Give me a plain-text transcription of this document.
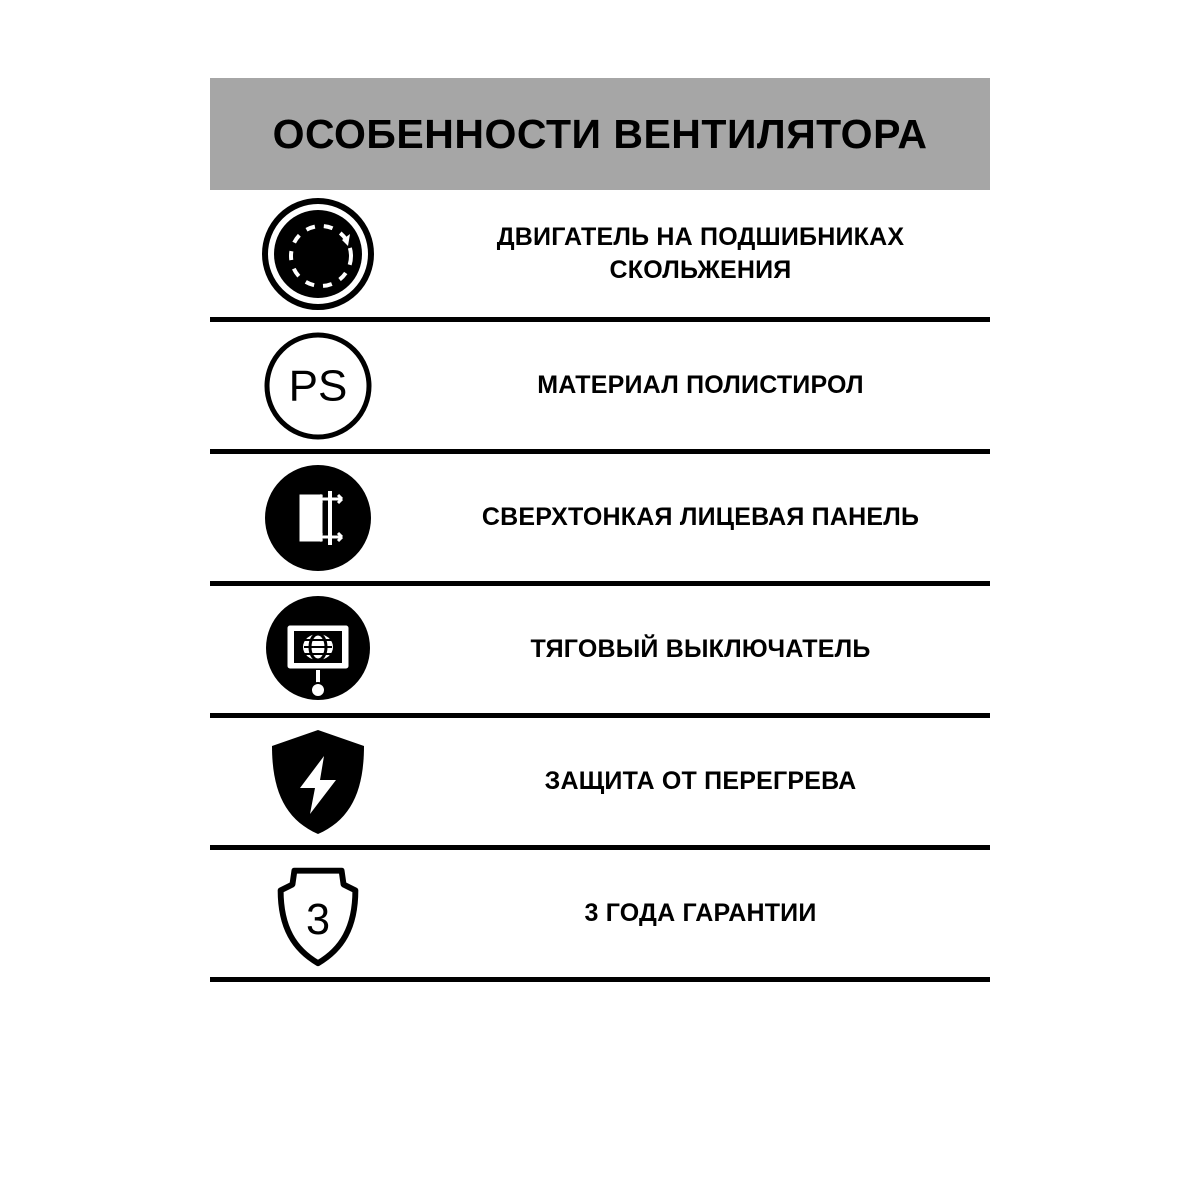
ОСОБЕННОСТИ ВЕНТИЛЯТОРА
ДВИГАТЕЛЬ НА ПОДШИБНИКАХ СКОЛЬЖЕНИЯ
PS	МАТЕРИАЛ ПОЛИСТИРОЛ
СВЕРХТОНКАЯ ЛИЦЕВАЯ ПАНЕЛЬ
ТЯГОВЫЙ ВЫКЛЮЧАТЕЛЬ
ЗАЩИТА ОТ ПЕРЕГРЕВА
3	3 ГОДА ГАРАНТИИ
